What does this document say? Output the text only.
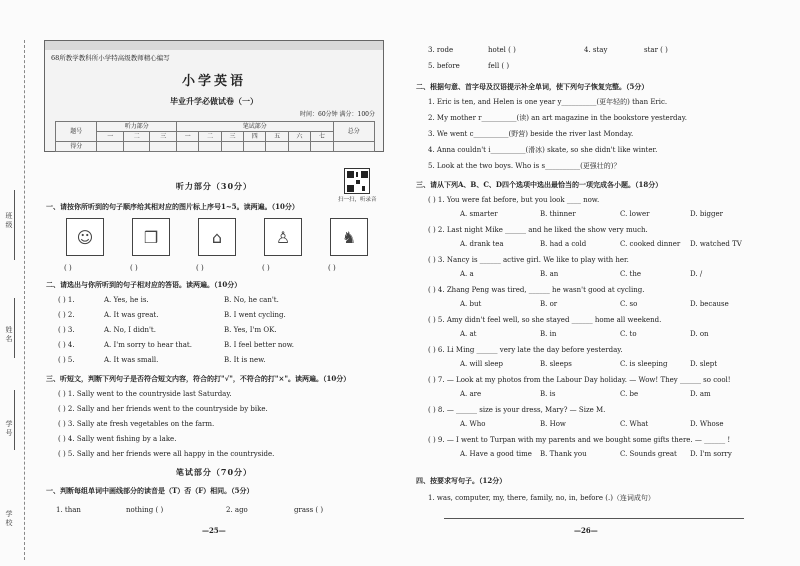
班级
姓名
学号
学校
68所教学教科所小学特高级教师精心编写
小学英语
毕业升学必做试卷（一）
时间：60分钟 满分：100分
题号	听力部分			笔试部分							总分
	一	二	三	一	二	三	四	五	六	七	
得分											
扫一扫，听录音
听力部分（30分）
一、请按你所听到的句子顺序给其相对应的图片标上序号1~5。读两遍。（10分）
☺	❒	⌂	♙	♞
( )	( )	( )	( )	( )
二、请选出与你所听到的句子相对应的答语。读两遍。（10分）
( ) 1.	A. Yes, he is.	B. No, he can't.
( ) 2.	A. It was great.	B. I went cycling.
( ) 3.	A. No, I didn't.	B. Yes, I'm OK.
( ) 4.	A. I'm sorry to hear that.	B. I feel better now.
( ) 5.	A. It was small.	B. It is new.
三、听短文，判断下列句子是否符合短文内容，符合的打"√"，不符合的打"×"。读两遍。（10分）
( ) 1. Sally went to the countryside last Saturday.
( ) 2. Sally and her friends went to the countryside by bike.
( ) 3. Sally ate fresh vegetables on the farm.
( ) 4. Sally went fishing by a lake.
( ) 5. Sally and her friends were all happy in the countryside.
笔试部分（70分）
一、判断每组单词中画线部分的读音是（T）否（F）相同。（5分）
1. than	nothing ( )	2. ago	grass ( )
—25—
3. rode	hotel ( )	4. stay	star ( )
5. before	fell ( )
二、根据句意、首字母及汉语提示补全单词，使下列句子恢复完整。（5分）
1. Eric is ten, and Helen is one year y__________(更年轻的) than Eric.
2. My mother r__________(读) an art magazine in the bookstore yesterday.
3. We went c__________(野营) beside the river last Monday.
4. Anna couldn't i__________(滑冰) skate, so she didn't like winter.
5. Look at the two boys. Who is s__________(更强壮的)？
三、请从下列A、B、C、D四个选项中选出最恰当的一项完成各小题。（18分）
( ) 1. You were fat before, but you look ____ now.
A. smarter	B. thinner	C. lower	D. bigger
( ) 2. Last night Mike ______ and he liked the show very much.
A. drank tea	B. had a cold	C. cooked dinner D. watched TV
( ) 3. Nancy is ______ active girl. We like to play with her.
A. a	B. an	C. the	D. /
( ) 4. Zhang Peng was tired, ______ he wasn't good at cycling.
A. but	B. or	C. so	D. because
( ) 5. Amy didn't feel well, so she stayed ______ home all weekend.
A. at	B. in	C. to	D. on
( ) 6. Li Ming ______ very late the day before yesterday.
A. will sleep	B. sleeps	C. is sleeping	D. slept
( ) 7. — Look at my photos from the Labour Day holiday. — Wow! They ______ so cool!
A. are	B. is	C. be	D. am
( ) 8. — ______ size is your dress, Mary? — Size M.
A. Who	B. How	C. What	D. Whose
( ) 9. — I went to Turpan with my parents and we bought some gifts there. — ______ !
A. Have a good time B. Thank you	C. Sounds great D. I'm sorry
四、按要求写句子。（12分）
1. was, computer, my, there, family, no, in, before (.)（连词成句）
—26—
